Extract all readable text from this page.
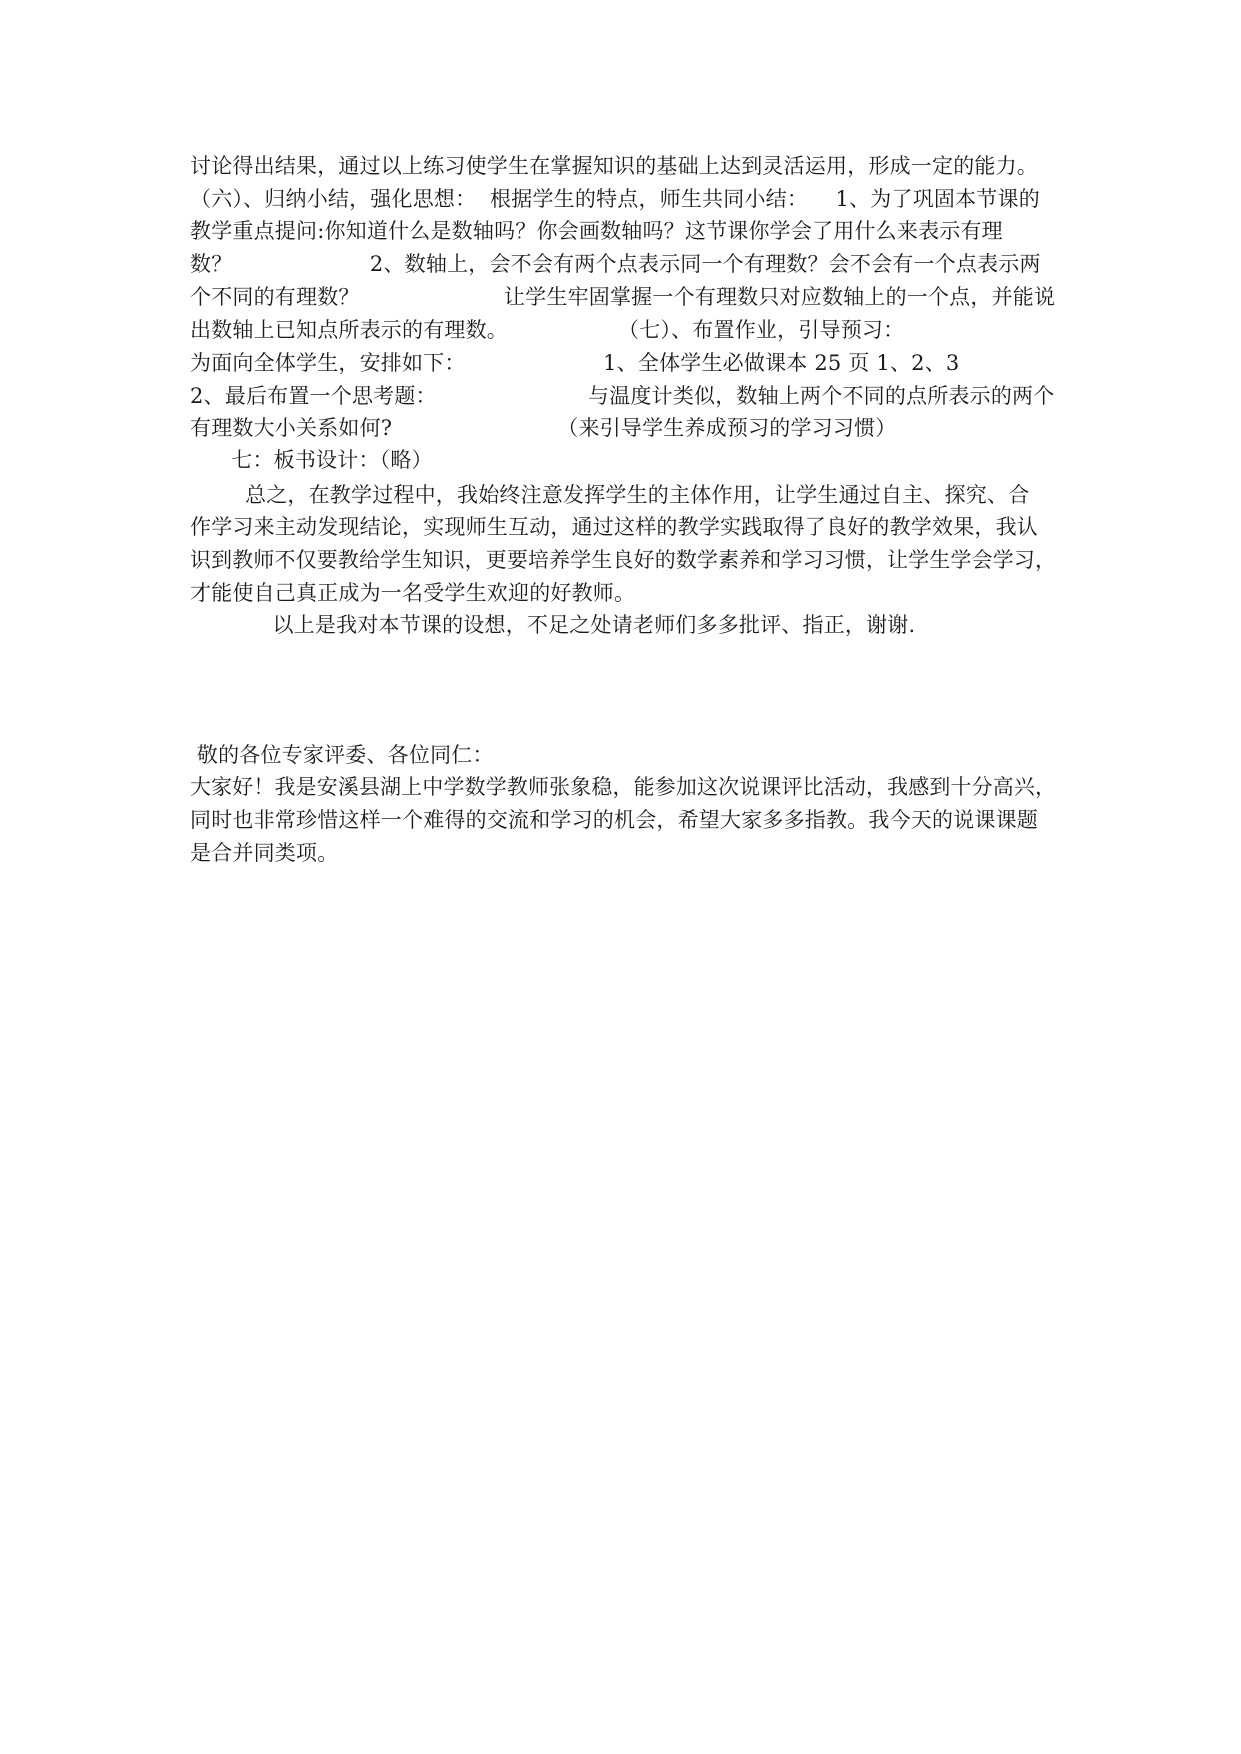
讨论得出结果，通过以上练习使学生在掌握知识的基础上达到灵活运用，形成一定的能力。
（六）、归纳小结，强化思想：  根据学生的特点，师生共同小结：    1、为了巩固本节课的
教学重点提问:你知道什么是数轴吗？你会画数轴吗？这节课你学会了用什么来表示有理
数？                    2、数轴上，会不会有两个点表示同一个有理数？会不会有一个点表示两
个不同的有理数？                     让学生牢固掌握一个有理数只对应数轴上的一个点，并能说
出数轴上已知点所表示的有理数。                （七）、布置作业，引导预习：
为面向全体学生，安排如下：                    1、全体学生必做课本 25 页 1、2、3
2、最后布置一个思考题：                      与温度计类似，数轴上两个不同的点所表示的两个
有理数大小关系如何?                        （来引导学生养成预习的学习习惯）
七：板书设计：（略）
总之，在教学过程中，我始终注意发挥学生的主体作用，让学生通过自主、探究、合
作学习来主动发现结论，实现师生互动，通过这样的教学实践取得了良好的教学效果，我认
识到教师不仅要教给学生知识，更要培养学生良好的数学素养和学习习惯，让学生学会学习，
才能使自己真正成为一名受学生欢迎的好教师。
以上是我对本节课的设想，不足之处请老师们多多批评、指正，谢谢.
敬的各位专家评委、各位同仁：
大家好！我是安溪县湖上中学数学教师张象稳，能参加这次说课评比活动，我感到十分高兴，
同时也非常珍惜这样一个难得的交流和学习的机会，希望大家多多指教。我今天的说课课题
是合并同类项。
